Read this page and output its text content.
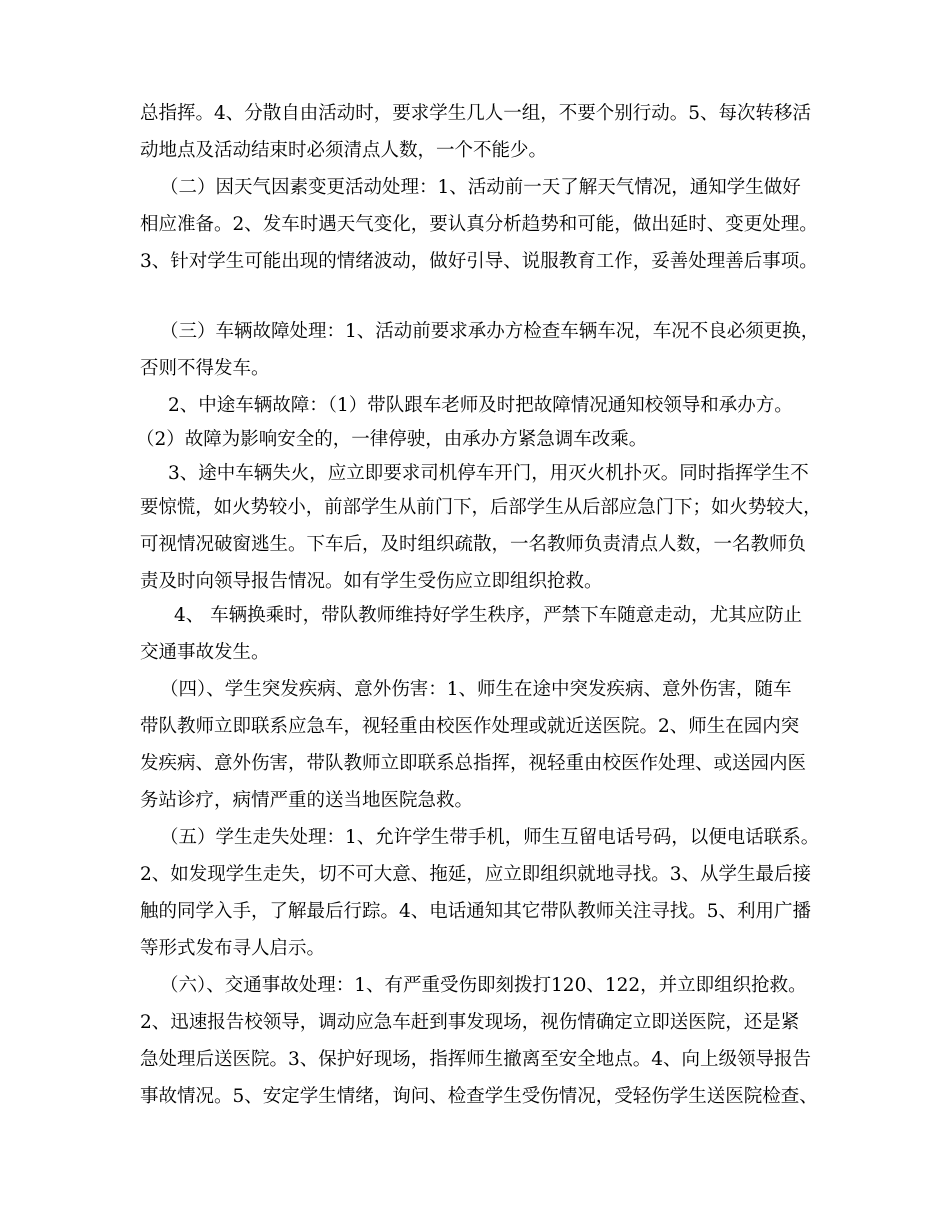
总指挥。4、分散自由活动时，要求学生几人一组，不要个别行动。5、每次转移活
动地点及活动结束时必须清点人数，一个不能少。
（二）因天气因素变更活动处理：1、活动前一天了解天气情况，通知学生做好
相应准备。2、发车时遇天气变化，要认真分析趋势和可能，做出延时、变更处理。
3、针对学生可能出现的情绪波动，做好引导、说服教育工作，妥善处理善后事项。
（三）车辆故障处理：1、活动前要求承办方检查车辆车况，车况不良必须更换，
否则不得发车。
2、中途车辆故障：（1）带队跟车老师及时把故障情况通知校领导和承办方。
（2）故障为影响安全的，一律停驶，由承办方紧急调车改乘。
3、途中车辆失火，应立即要求司机停车开门，用灭火机扑灭。同时指挥学生不
要惊慌，如火势较小，前部学生从前门下，后部学生从后部应急门下；如火势较大，
可视情况破窗逃生。下车后，及时组织疏散，一名教师负责清点人数，一名教师负
责及时向领导报告情况。如有学生受伤应立即组织抢救。
4、 车辆换乘时，带队教师维持好学生秩序，严禁下车随意走动，尤其应防止
交通事故发生。
（四）、学生突发疾病、意外伤害：1、师生在途中突发疾病、意外伤害，随车
带队教师立即联系应急车，视轻重由校医作处理或就近送医院。2、师生在园内突
发疾病、意外伤害，带队教师立即联系总指挥，视轻重由校医作处理、或送园内医
务站诊疗，病情严重的送当地医院急救。
（五）学生走失处理：1、允许学生带手机，师生互留电话号码，以便电话联系。
2、如发现学生走失，切不可大意、拖延，应立即组织就地寻找。3、从学生最后接
触的同学入手，了解最后行踪。4、电话通知其它带队教师关注寻找。5、利用广播
等形式发布寻人启示。
（六）、交通事故处理：1、有严重受伤即刻拨打120、122，并立即组织抢救。
2、迅速报告校领导，调动应急车赶到事发现场，视伤情确定立即送医院，还是紧
急处理后送医院。3、保护好现场，指挥师生撤离至安全地点。4、向上级领导报告
事故情况。5、安定学生情绪，询问、检查学生受伤情况，受轻伤学生送医院检查、
